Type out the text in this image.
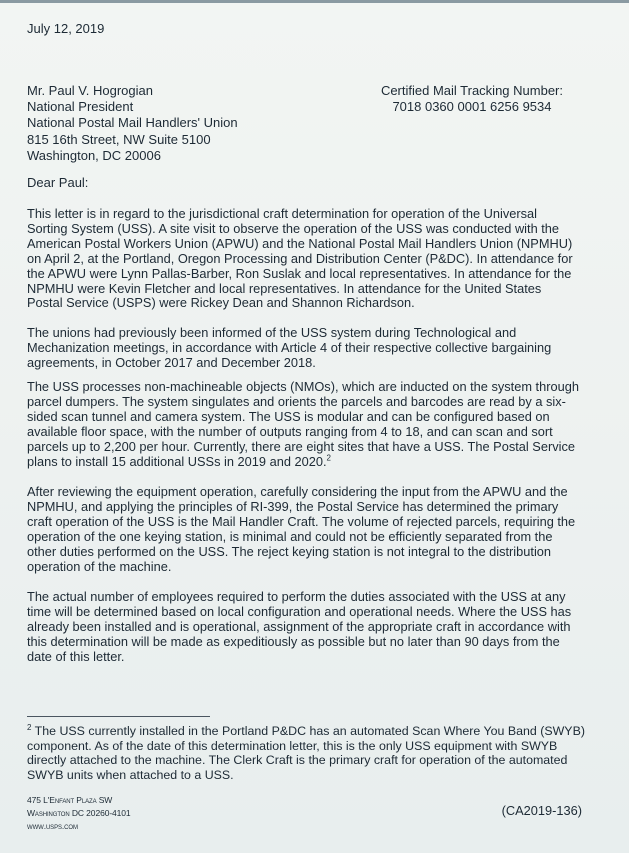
July 12, 2019
Mr. Paul V. Hogrogian
National President
National Postal Mail Handlers' Union
815 16th Street, NW Suite 5100
Washington, DC 20006
Certified Mail Tracking Number:
7018 0360 0001 6256 9534
Dear Paul:

This letter is in regard to the jurisdictional craft determination for operation of the Universal Sorting System (USS). A site visit to observe the operation of the USS was conducted with the American Postal Workers Union (APWU) and the National Postal Mail Handlers Union (NPMHU) on April 2, at the Portland, Oregon Processing and Distribution Center (P&DC). In attendance for the APWU were Lynn Pallas-Barber, Ron Suslak and local representatives. In attendance for the NPMHU were Kevin Fletcher and local representatives. In attendance for the United States Postal Service (USPS) were Rickey Dean and Shannon Richardson.

The unions had previously been informed of the USS system during Technological and Mechanization meetings, in accordance with Article 4 of their respective collective bargaining agreements, in October 2017 and December 2018.

The USS processes non-machineable objects (NMOs), which are inducted on the system through parcel dumpers. The system singulates and orients the parcels and barcodes are read by a six-sided scan tunnel and camera system. The USS is modular and can be configured based on available floor space, with the number of outputs ranging from 4 to 18, and can scan and sort parcels up to 2,200 per hour. Currently, there are eight sites that have a USS. The Postal Service plans to install 15 additional USSs in 2019 and 2020.$^2$

After reviewing the equipment operation, carefully considering the input from the APWU and the NPMHU, and applying the principles of RI-399, the Postal Service has determined the primary craft operation of the USS is the Mail Handler Craft. The volume of rejected parcels, requiring the operation of the one keying station, is minimal and could not be efficiently separated from the other duties performed on the USS. The reject keying station is not integral to the distribution operation of the machine.

The actual number of employees required to perform the duties associated with the USS at any time will be determined based on local configuration and operational needs. Where the USS has already been installed and is operational, assignment of the appropriate craft in accordance with this determination will be made as expeditiously as possible but no later than 90 days from the date of this letter.

$^2$ The USS currently installed in the Portland P&DC has an automated Scan Where You Band (SWYB) component. As of the date of this determination letter, this is the only USS equipment with SWYB directly attached to the machine. The Clerk Craft is the primary craft for operation of the automated SWYB units when attached to a USS.

475 L'Enfant Plaza SW
Washington DC 20260-4101
www.usps.com
(CA2019-136)
